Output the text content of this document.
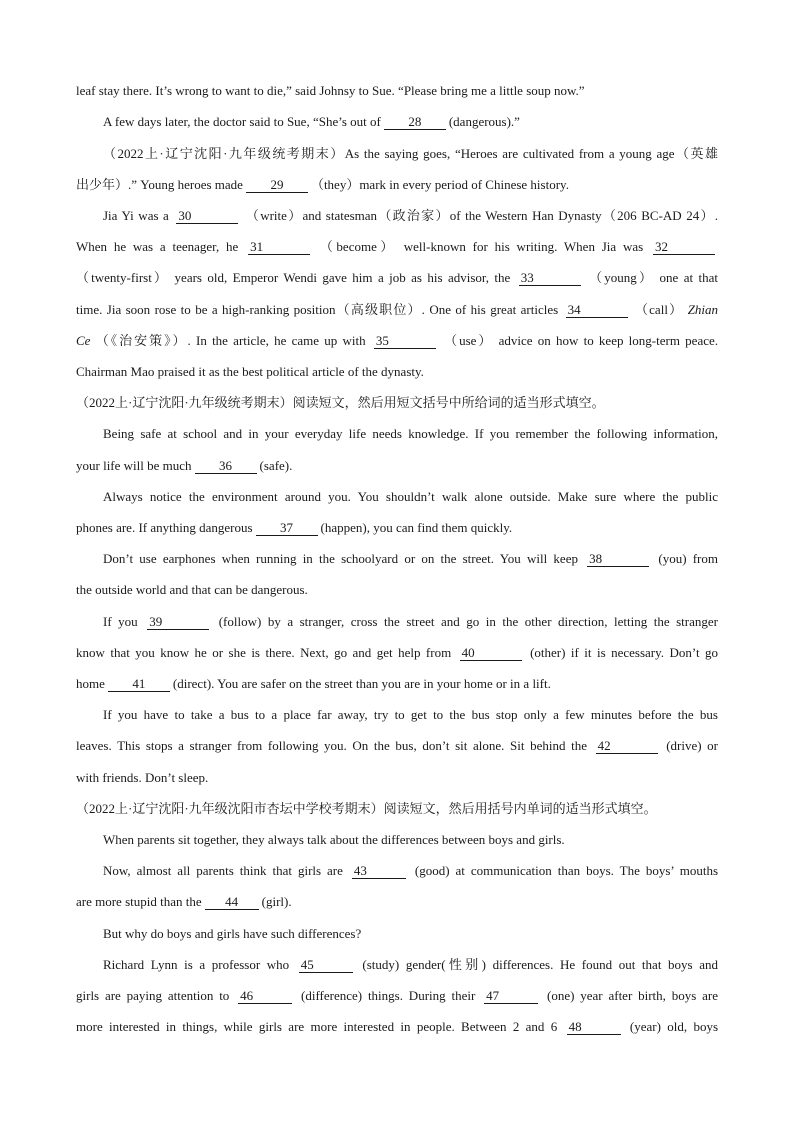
leaf stay there. It’s wrong to want to die,” said Johnsy to Sue. “Please bring me a little soup now.”
A few days later, the doctor said to Sue, “She’s out of 28 (dangerous).”
（2022上·辽宁沈阳·九年级统考期末）As the saying goes, “Heroes are cultivated from a young age（英雄
出少年）.” Young heroes made 29 （they）mark in every period of Chinese history.
Jia Yi was a 30	（write）and statesman（政治家）of the Western Han Dynasty（206 BC-AD 24）.
When he was a teenager, he 31	（become） well-known for his writing. When Jia was 32
（twenty-first） years old, Emperor Wendi gave him a job as his advisor, the 33	（young） one at that
time. Jia soon rose to be a high-ranking position（高级职位）. One of his great articles 34	（call） Zhian
Ce （《治安策》）. In the article, he came up with 35	（use） advice on how to keep long-term peace.
Chairman Mao praised it as the best political article of the dynasty.
（2022上·辽宁沈阳·九年级统考期末）阅读短文，然后用短文括号中所给词的适当形式填空。
Being safe at school and in your everyday life needs knowledge. If you remember the following information,
your life will be much 36 (safe).
Always notice the environment around you. You shouldn’t walk alone outside. Make sure where the public
phones are. If anything dangerous 37 (happen), you can find them quickly.
Don’t use earphones when running in the schoolyard or on the street. You will keep 38	(you) from
the outside world and that can be dangerous.
If you 39	(follow) by a stranger, cross the street and go in the other direction, letting the stranger
know that you know he or she is there. Next, go and get help from 40	(other) if it is necessary. Don’t go
home 41 (direct). You are safer on the street than you are in your home or in a lift.
If you have to take a bus to a place far away, try to get to the bus stop only a few minutes before the bus
leaves. This stops a stranger from following you. On the bus, don’t sit alone. Sit behind the 42	(drive) or
with friends. Don’t sleep.
（2022上·辽宁沈阳·九年级沈阳市杏坛中学校考期末）阅读短文，然后用括号内单词的适当形式填空。
When parents sit together, they always talk about the differences between boys and girls.
Now, almost all parents think that girls are 43	(good) at communication than boys. The boys’ mouths
are more stupid than the 44 (girl).
But why do boys and girls have such differences?
Richard Lynn is a professor who 45	(study) gender(性别) differences. He found out that boys and
girls are paying attention to 46	(difference) things. During their 47	(one) year after birth, boys are
more interested in things, while girls are more interested in people. Between 2 and 6 48	(year) old, boys
